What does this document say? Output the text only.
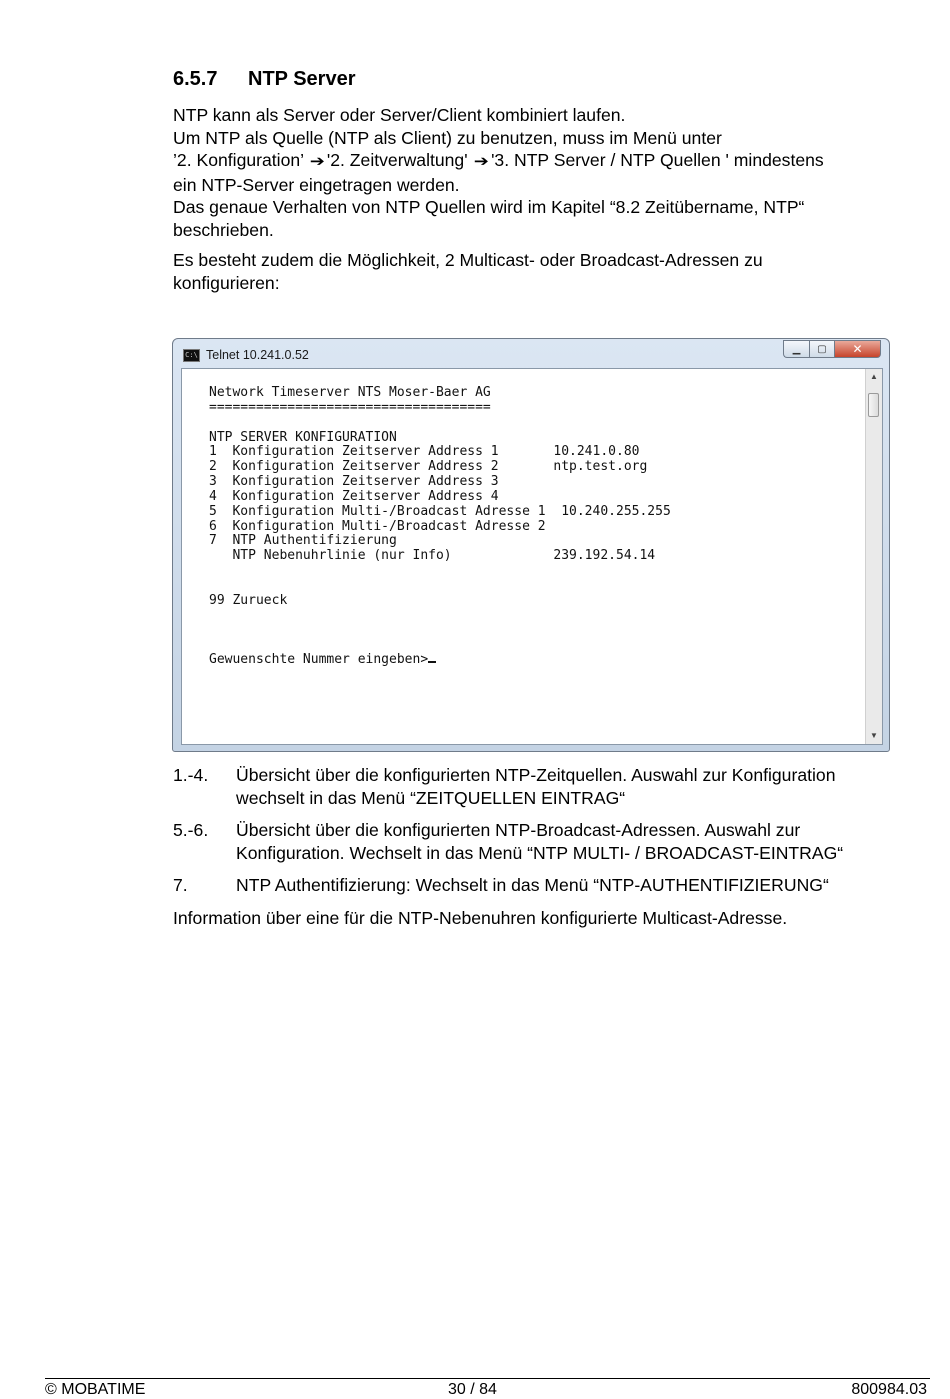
6.5.7 NTP Server
NTP kann als Server oder Server/Client kombiniert laufen.
Um NTP als Quelle (NTP als Client) zu benutzen, muss im Menü unter
’2. Konfiguration’ ➔'2. Zeitverwaltung' ➔'3. NTP Server / NTP Quellen ' mindestens
ein NTP-Server eingetragen werden.
Das genaue Verhalten von NTP Quellen wird im Kapitel “8.2 Zeitübername, NTP“
beschrieben.
Es besteht zudem die Möglichkeit, 2 Multicast- oder Broadcast-Adressen zu
konfigurieren:
C:\ Telnet 10.241.0.52	▁	▢	✕
Network Timeserver NTS Moser-Baer AG
====================================

NTP SERVER KONFIGURATION
1  Konfiguration Zeitserver Address 1       10.241.0.80
2  Konfiguration Zeitserver Address 2       ntp.test.org
3  Konfiguration Zeitserver Address 3
4  Konfiguration Zeitserver Address 4
5  Konfiguration Multi-/Broadcast Adresse 1  10.240.255.255
6  Konfiguration Multi-/Broadcast Adresse 2
7  NTP Authentifizierung
NTP Nebenuhrlinie (nur Info)             239.192.54.14

99 Zurueck

Gewuenschte Nummer eingeben>
▲
▼
1.-4. Übersicht über die konfigurierten NTP-Zeitquellen. Auswahl zur Konfiguration
wechselt in das Menü “ZEITQUELLEN EINTRAG“
5.-6. Übersicht über die konfigurierten NTP-Broadcast-Adressen. Auswahl zur
Konfiguration. Wechselt in das Menü “NTP MULTI- / BROADCAST-EINTRAG“
7.	NTP Authentifizierung: Wechselt in das Menü “NTP-AUTHENTIFIZIERUNG“
Information über eine für die NTP-Nebenuhren konfigurierte Multicast-Adresse.
© MOBATIME	30 / 84	800984.03
